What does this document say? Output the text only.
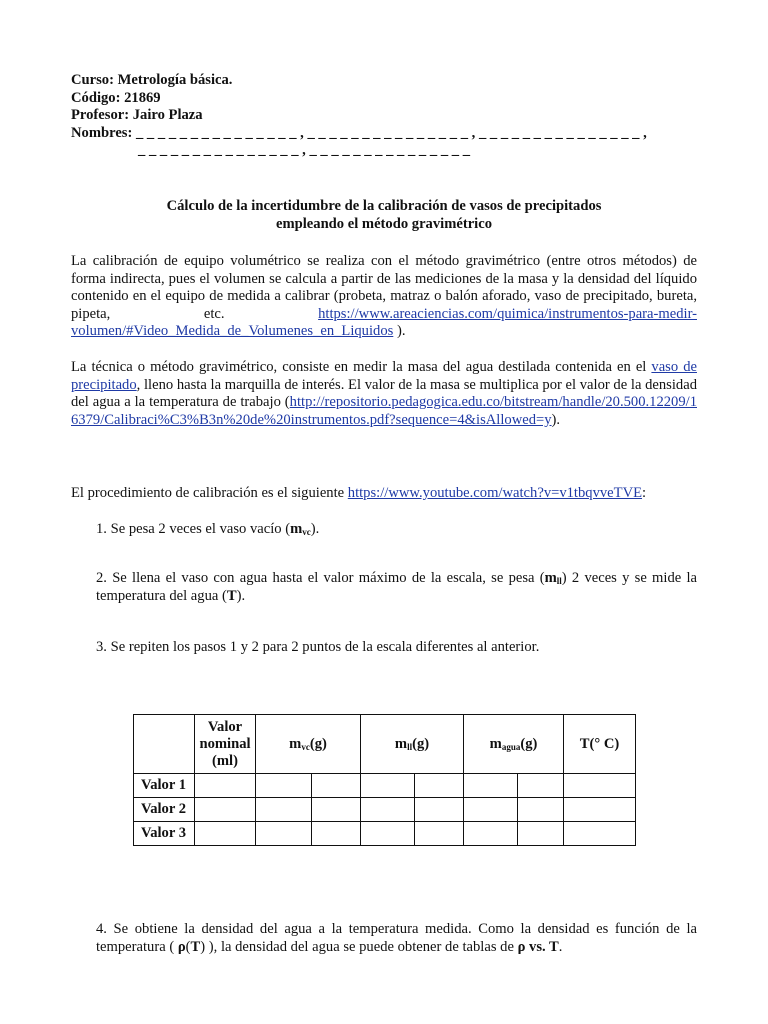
Curso: Metrología básica.
Código: 21869
Profesor: Jairo Plaza
Nombres: _ _ _ _ _ _ _ _ _ _ _ _ _ _ _ , _ _ _ _ _ _ _ _ _ _ _ _ _ _ _ , _ _ _ _ _ _ _ _ _ _ _ _ _ _ _ ,
_ _ _ _ _ _ _ _ _ _ _ _ _ _ _ , _ _ _ _ _ _ _ _ _ _ _ _ _ _ _
Cálculo de la incertidumbre de la calibración de vasos de precipitados
empleando el método gravimétrico
La calibración de equipo volumétrico se realiza con el método gravimétrico (entre otros métodos) de forma indirecta, pues el volumen se calcula a partir de las mediciones de la masa y la densidad del líquido contenido en el equipo de medida a calibrar (probeta, matraz o balón aforado, vaso de precipitado, bureta, pipeta, etc. https://www.areaciencias.com/quimica/instrumentos-para-medir-volumen/#Video_Medida_de_Volumenes_en_Liquidos ).
La técnica o método gravimétrico, consiste en medir la masa del agua destilada contenida en el vaso de precipitado, lleno hasta la marquilla de interés. El valor de la masa se multiplica por el valor de la densidad del agua a la temperatura de trabajo (http://repositorio.pedagogica.edu.co/bitstream/handle/20.500.12209/16379/Calibraci%C3%B3n%20de%20instrumentos.pdf?sequence=4&isAllowed=y).
El procedimiento de calibración es el siguiente https://www.youtube.com/watch?v=v1tbqvveTVE:
1. Se pesa 2 veces el vaso vacío $(m_{vc})$.
2. Se llena el vaso con agua hasta el valor máximo de la escala, se pesa $(m_{ll})$ 2 veces y se mide la temperatura del agua (T).
3. Se repiten los pasos 1 y 2 para 2 puntos de la escala diferentes al anterior.
	Valor nominal (ml)	$m_{vc}(g)$		$m_{ll}(g)$		$m_{agua}(g)$		T(° C)
Valor 1								
Valor 2								
Valor 3								
4. Se obtiene la densidad del agua a la temperatura medida. Como la densidad es función de la temperatura ( ρ(T) ), la densidad del agua se puede obtener de tablas de ρ vs. T.
